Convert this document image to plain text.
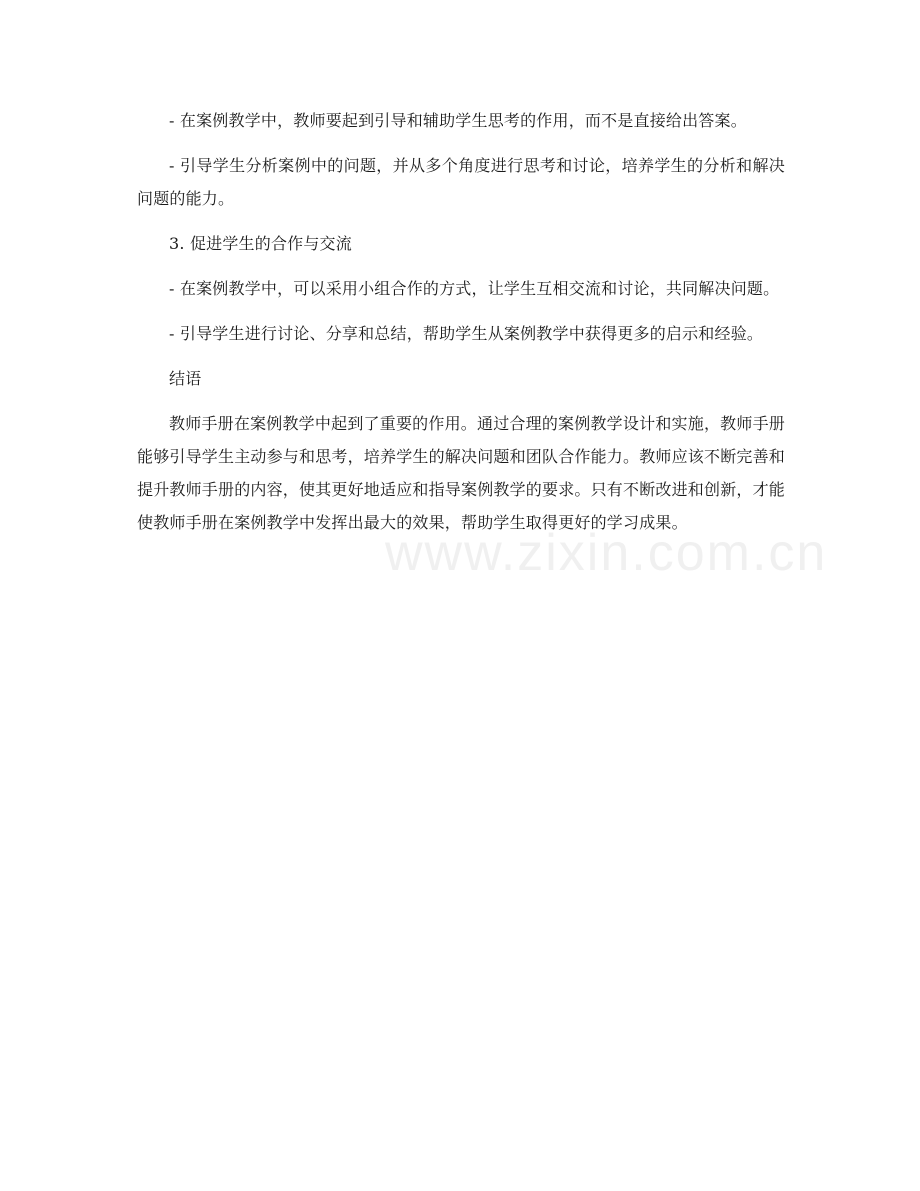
- 在案例教学中，教师要起到引导和辅助学生思考的作用，而不是直接给出答案。

- 引导学生分析案例中的问题，并从多个角度进行思考和讨论，培养学生的分析和解决问题的能力。

3. 促进学生的合作与交流

- 在案例教学中，可以采用小组合作的方式，让学生互相交流和讨论，共同解决问题。

- 引导学生进行讨论、分享和总结，帮助学生从案例教学中获得更多的启示和经验。

结语

教师手册在案例教学中起到了重要的作用。通过合理的案例教学设计和实施，教师手册能够引导学生主动参与和思考，培养学生的解决问题和团队合作能力。教师应该不断完善和提升教师手册的内容，使其更好地适应和指导案例教学的要求。只有不断改进和创新，才能使教师手册在案例教学中发挥出最大的效果，帮助学生取得更好的学习成果。

www.zixin.com.cn
